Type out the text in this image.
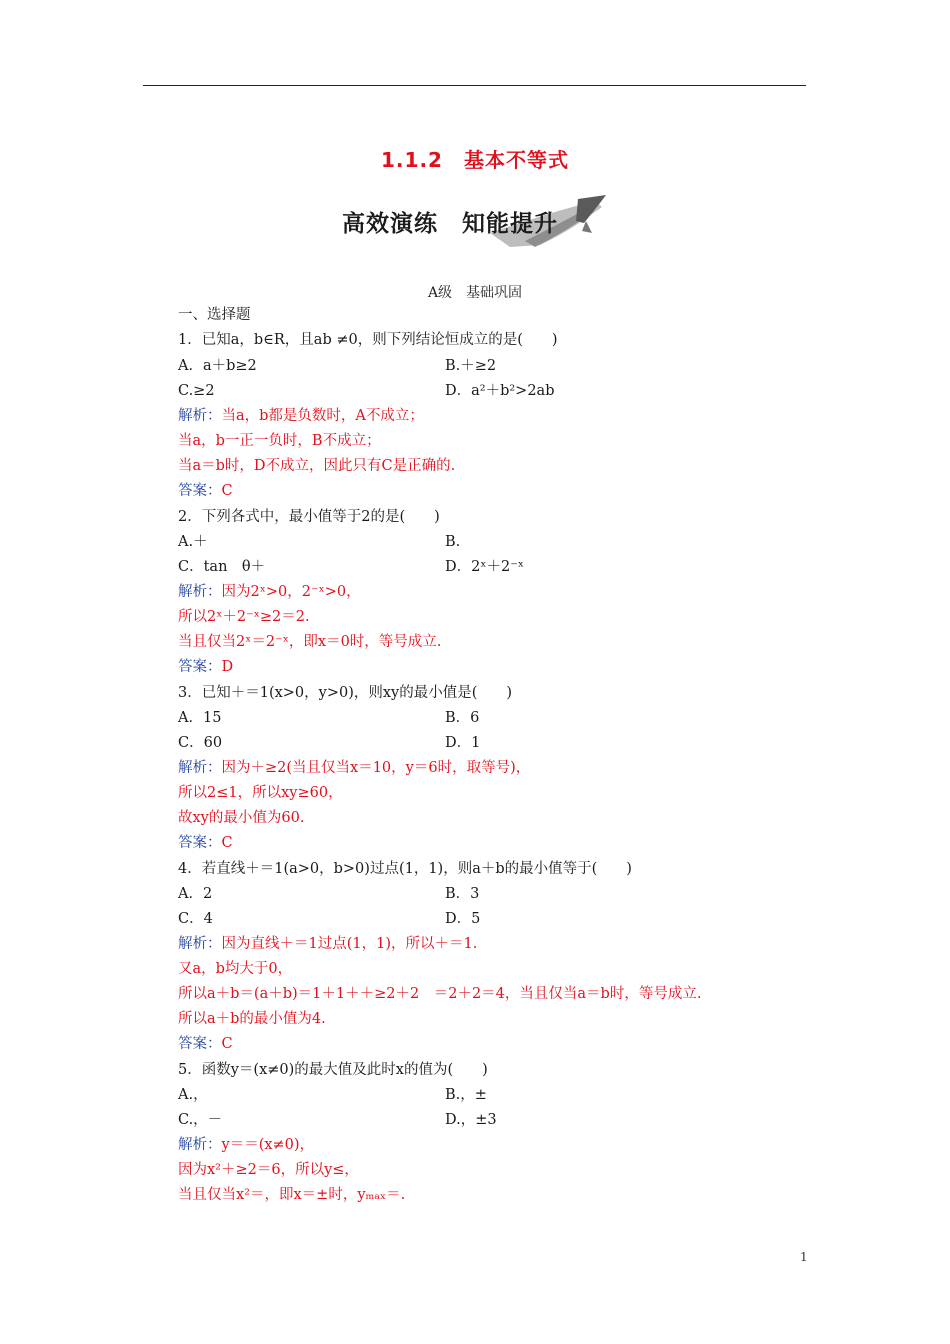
1.1.2　基本不等式
高效演练　知能提升
A级　基础巩固
一、选择题
1．已知a，b∈R，且ab ≠0，则下列结论恒成立的是(　　)
A．a＋b≥2	B.＋≥2
C.≥2	D．a²＋b²>2ab
解析：当a，b都是负数时，A不成立；
当a，b一正一负时，B不成立；
当a＝b时，D不成立，因此只有C是正确的.
答案：C
2．下列各式中，最小值等于2的是(　　)
A.＋	B.
C．tan　θ＋	D．2ˣ＋2⁻ˣ
解析：因为2ˣ>0，2⁻ˣ>0，
所以2ˣ＋2⁻ˣ≥2＝2.
当且仅当2ˣ＝2⁻ˣ，即x＝0时，等号成立.
答案：D
3．已知＋＝1(x>0，y>0)，则xy的最小值是(　　)
A．15	B．6
C．60	D．1
解析：因为＋≥2(当且仅当x＝10，y＝6时，取等号)，
所以2≤1，所以xy≥60，
故xy的最小值为60.
答案：C
4．若直线＋＝1(a>0，b>0)过点(1，1)，则a＋b的最小值等于(　　)
A．2	B．3
C．4	D．5
解析：因为直线＋＝1过点(1，1)，所以＋＝1.
又a，b均大于0，
所以a＋b＝(a＋b)＝1＋1＋＋≥2＋2　＝2＋2＝4，当且仅当a＝b时，等号成立.
所以a＋b的最小值为4.
答案：C
5．函数y＝(x≠0)的最大值及此时x的值为(　　)
A.，	B.，±
C.，－	D.，±3
解析：y＝＝(x≠0)，
因为x²＋≥2＝6，所以y≤，
当且仅当x²＝，即x＝±时，yₘₐₓ＝.
1
